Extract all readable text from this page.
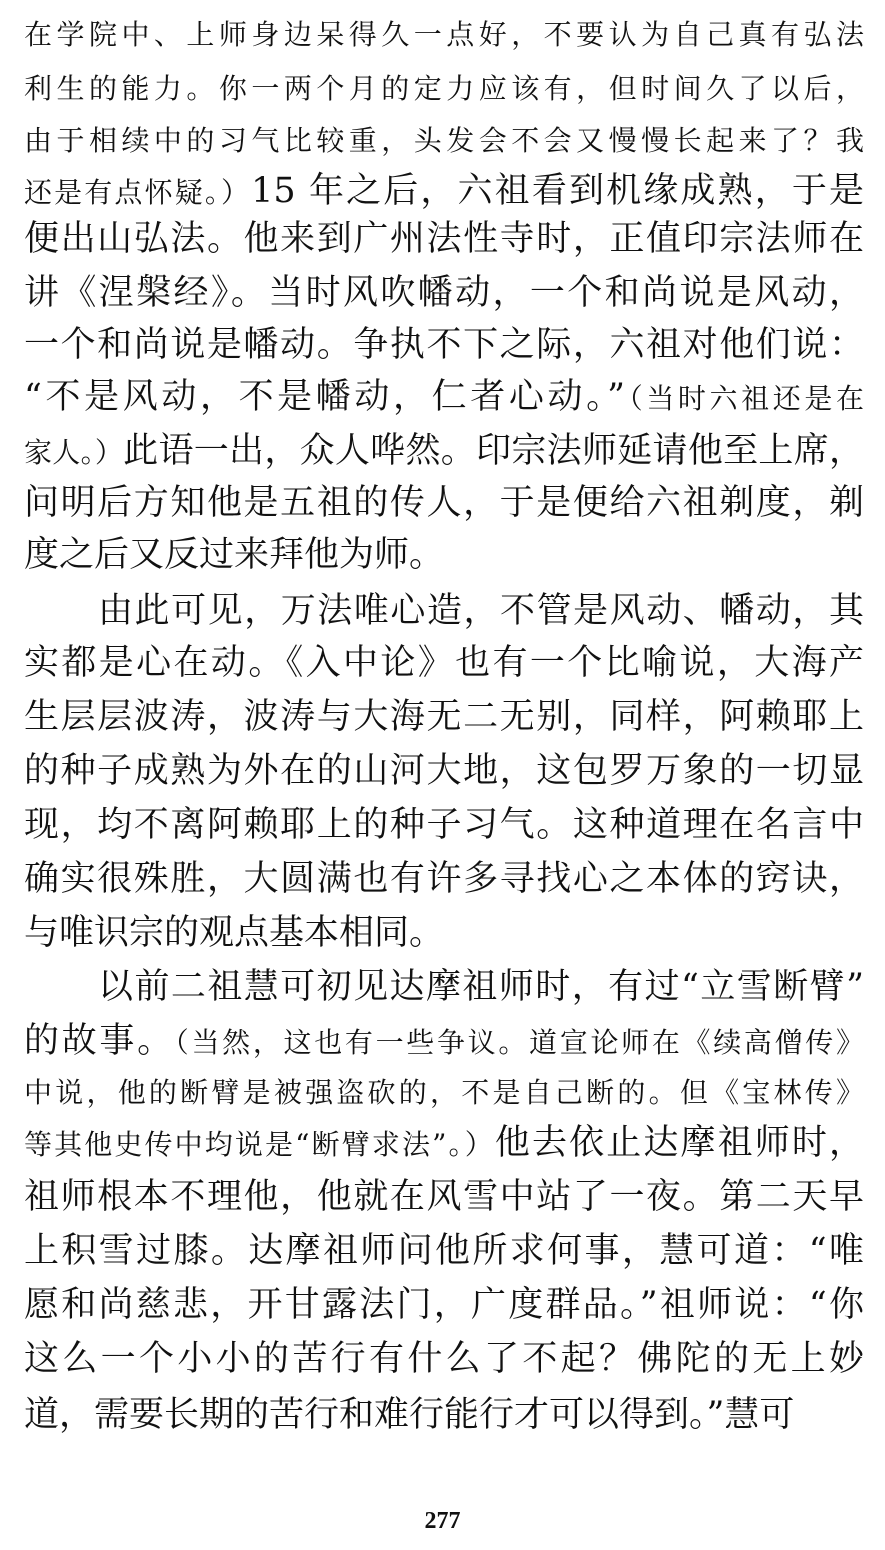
在学院中、上师身边呆得久一点好，不要认为自己真有弘法
利生的能力。你一两个月的定力应该有，但时间久了以后，
由于相续中的习气比较重，头发会不会又慢慢长起来了？我
还是有点怀疑。）15 年之后，六祖看到机缘成熟，于是
便出山弘法。他来到广州法性寺时，正值印宗法师在
讲《涅槃经》。当时风吹幡动，一个和尚说是风动，
一个和尚说是幡动。争执不下之际，六祖对他们说：
“不是风动，不是幡动，仁者心动。”（当时六祖还是在
家人。）此语一出，众人哗然。印宗法师延请他至上席，
问明后方知他是五祖的传人，于是便给六祖剃度，剃
度之后又反过来拜他为师。
由此可见，万法唯心造，不管是风动、幡动，其
实都是心在动。《入中论》也有一个比喻说，大海产
生层层波涛，波涛与大海无二无别，同样，阿赖耶上
的种子成熟为外在的山河大地，这包罗万象的一切显
现，均不离阿赖耶上的种子习气。这种道理在名言中
确实很殊胜，大圆满也有许多寻找心之本体的窍诀，
与唯识宗的观点基本相同。
以前二祖慧可初见达摩祖师时，有过“立雪断臂”
的故事。（当然，这也有一些争议。道宣论师在《续高僧传》
中说，他的断臂是被强盗砍的，不是自己断的。但《宝林传》
等其他史传中均说是“断臂求法”。）他去依止达摩祖师时，
祖师根本不理他，他就在风雪中站了一夜。第二天早
上积雪过膝。达摩祖师问他所求何事，慧可道：“唯
愿和尚慈悲，开甘露法门，广度群品。”祖师说：“你
这么一个小小的苦行有什么了不起？佛陀的无上妙
道，需要长期的苦行和难行能行才可以得到。”慧可
277
